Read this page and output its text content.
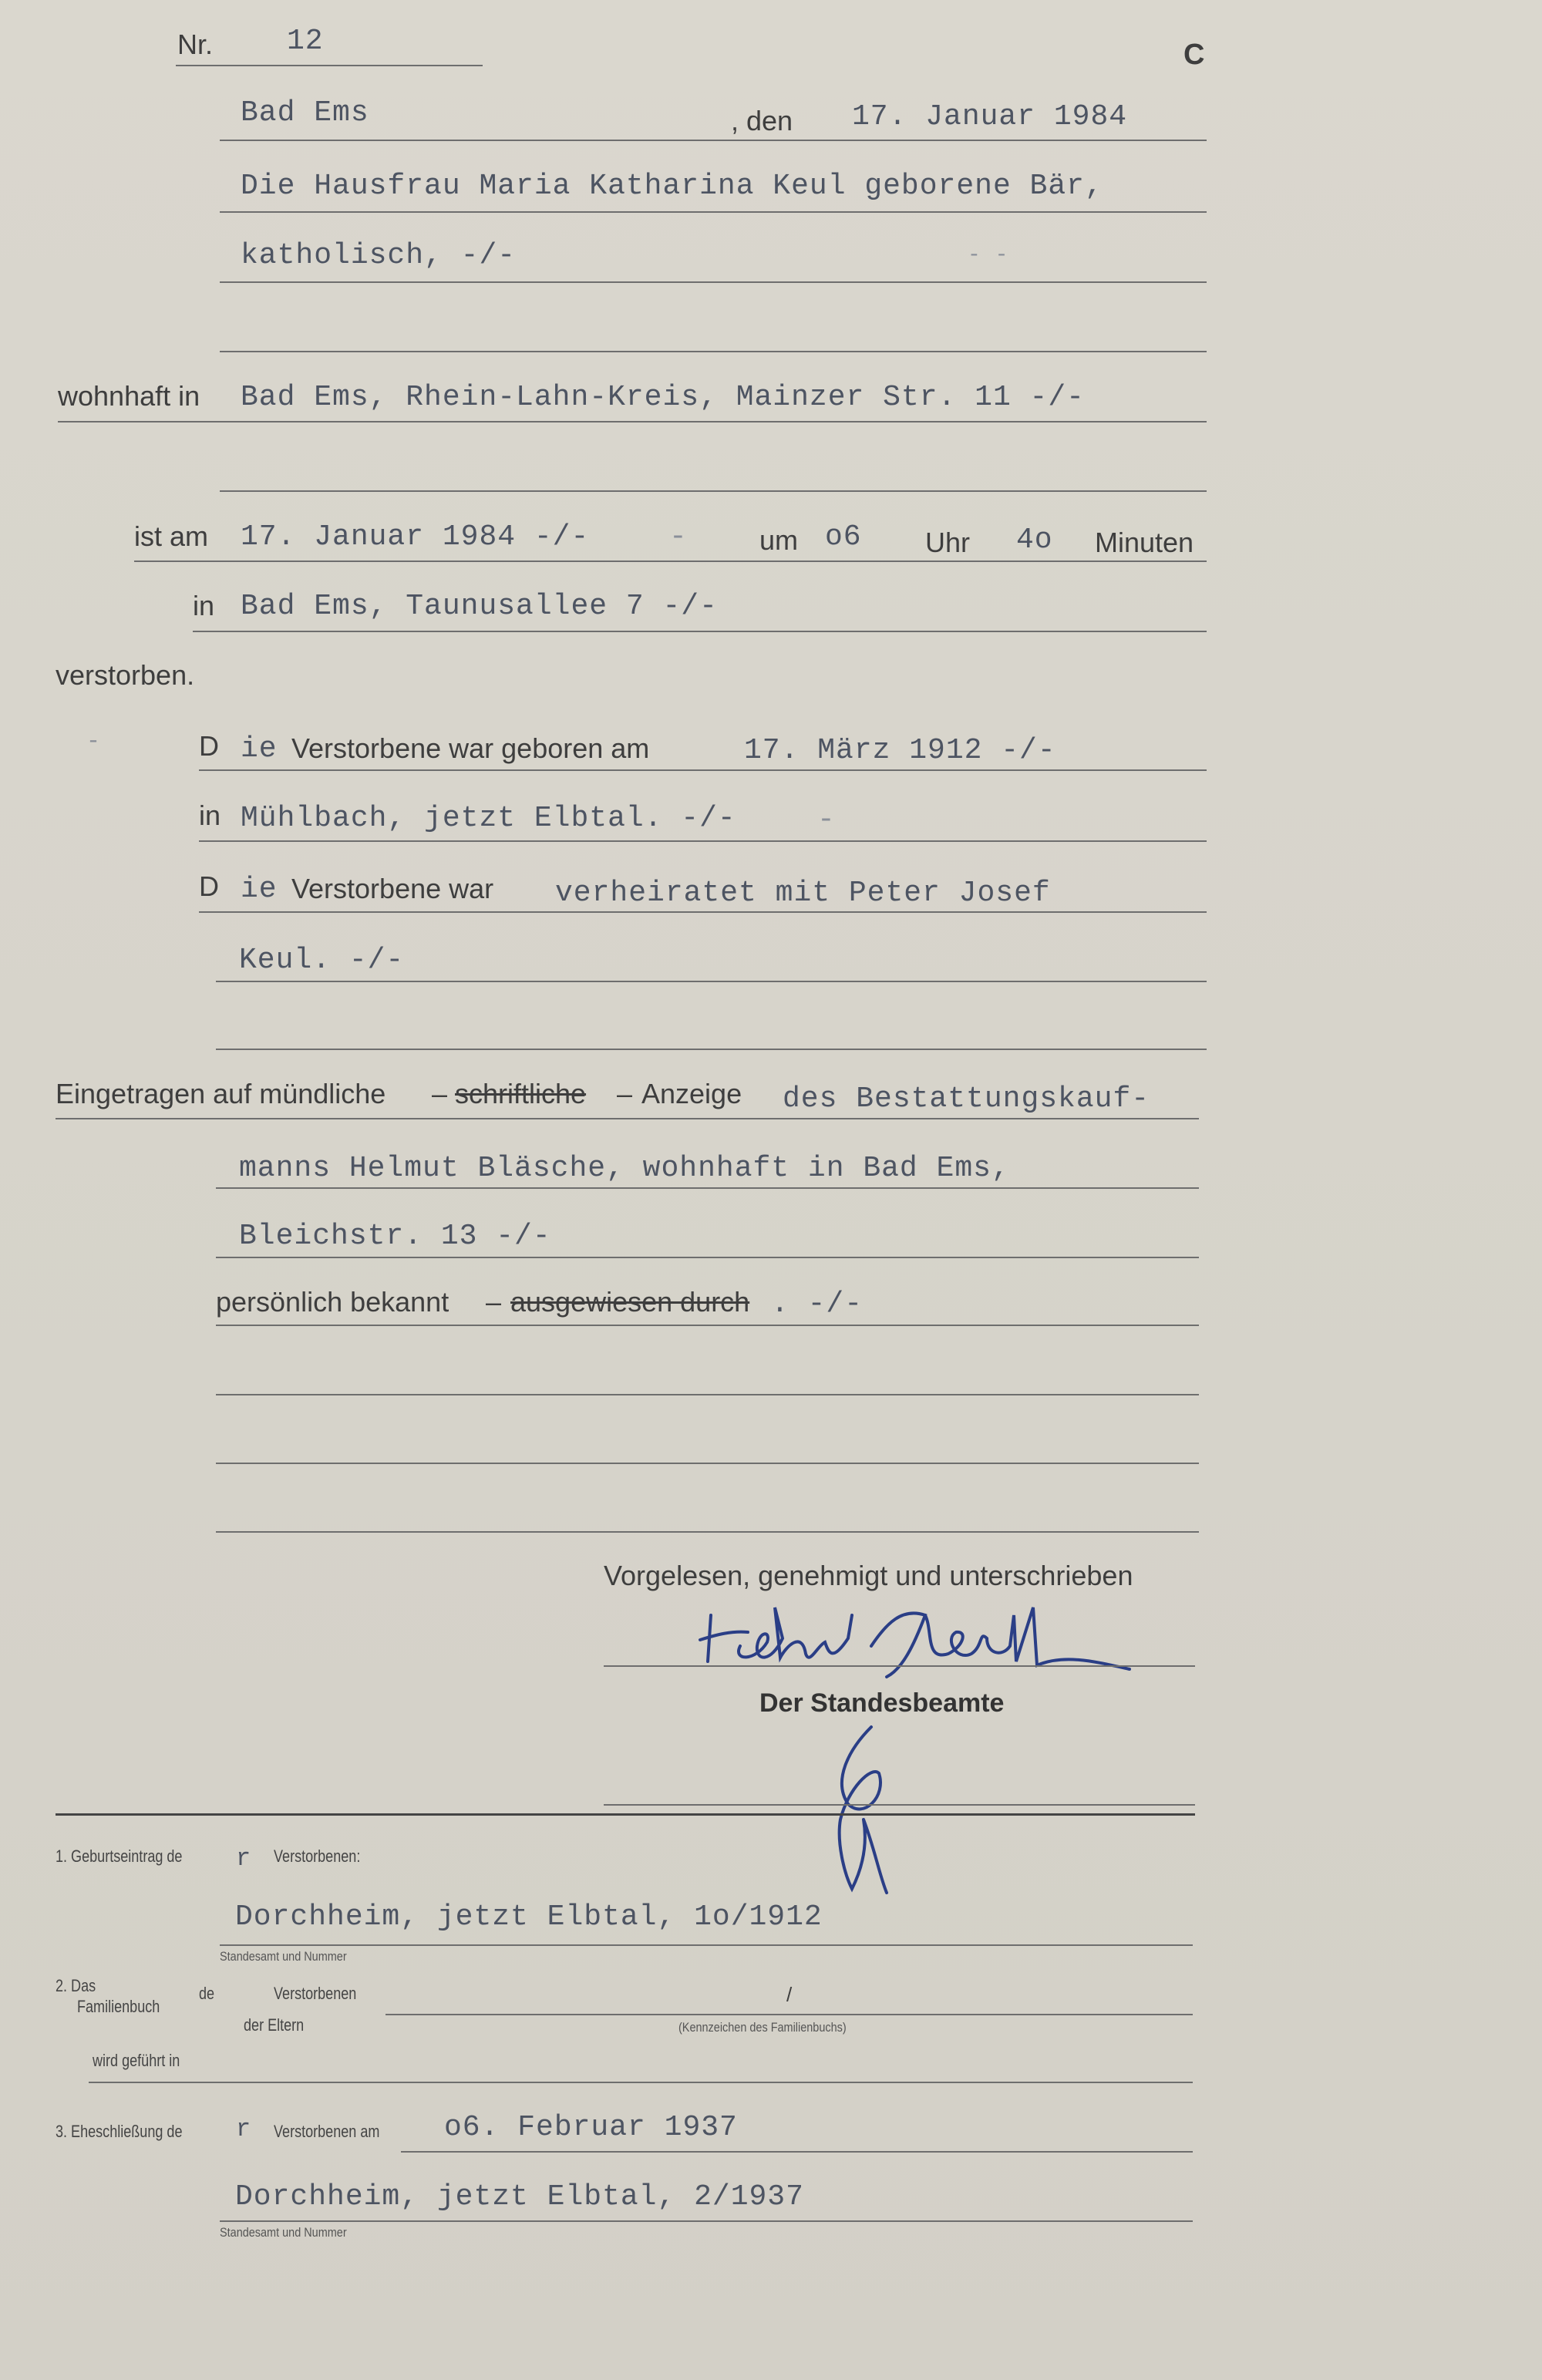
Nr.	12	C
Bad Ems	, den 17. Januar 1984
Die Hausfrau Maria Katharina Keul geborene Bär,
katholisch, -/-	- -
wohnhaft in Bad Ems, Rhein-Lahn-Kreis, Mainzer Str. 11 -/-
ist am 17. Januar 1984 -/-	-	um o6 Uhr 4o Minuten
in Bad Ems, Taunusallee 7 -/-
verstorben.
-	D ie Verstorbene war geboren am	17. März 1912 -/-
in Mühlbach, jetzt Elbtal. -/-	-
D ie Verstorbene war verheiratet mit Peter Josef
Keul. -/-
Eingetragen auf mündliche – schriftliche – Anzeige des Bestattungskauf-
manns Helmut Bläsche, wohnhaft in Bad Ems,
Bleichstr. 13 -/-
persönlich bekannt – ausgewiesen durch . -/-
Vorgelesen, genehmigt und unterschrieben
Der Standesbeamte
1. Geburtseintrag de r Verstorbenen:
Dorchheim, jetzt Elbtal, 1o/1912
Standesamt und Nummer
2. Das
Familienbuch
de	Verstorbenen
der Eltern
/
(Kennzeichen des Familienbuchs)
wird geführt in
3. Eheschließung de r Verstorbenen am o6. Februar 1937
Dorchheim, jetzt Elbtal, 2/1937
Standesamt und Nummer
